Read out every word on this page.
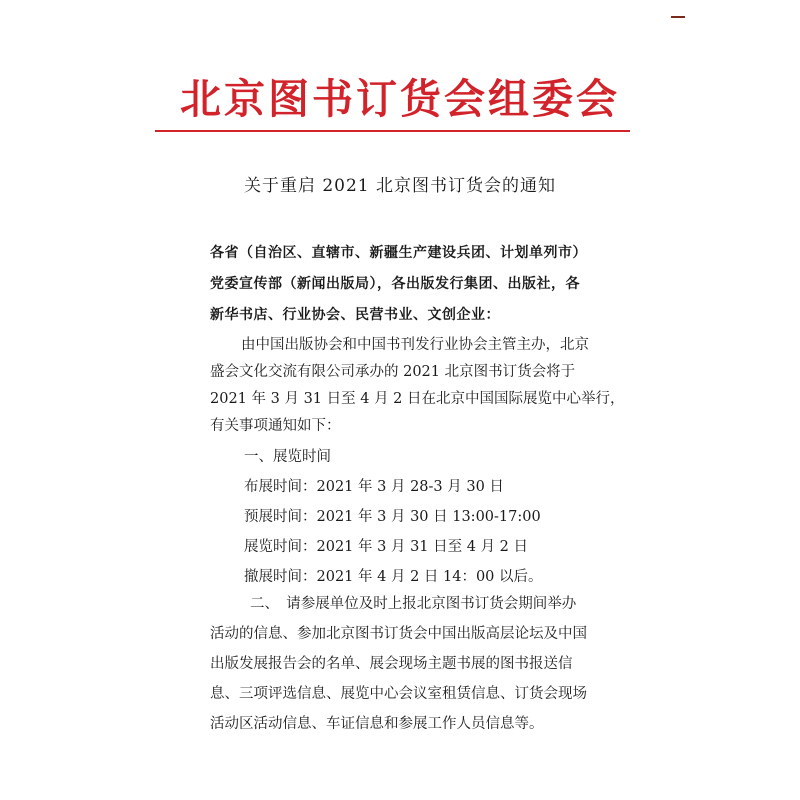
北京图书订货会组委会
关于重启 2021 北京图书订货会的通知
各省（自治区、直辖市、新疆生产建设兵团、计划单列市）
党委宣传部（新闻出版局），各出版发行集团、出版社，各
新华书店、行业协会、民营书业、文创企业：
由中国出版协会和中国书刊发行业协会主管主办，北京
盛会文化交流有限公司承办的 2021 北京图书订货会将于
2021 年 3 月 31 日至 4 月 2 日在北京中国国际展览中心举行，
有关事项通知如下：
一、展览时间
布展时间：2021 年 3 月 28-3 月 30 日
预展时间：2021 年 3 月 30 日 13:00-17:00
展览时间：2021 年 3 月 31 日至 4 月 2 日
撤展时间：2021 年 4 月 2 日 14：00 以后。
二、　请参展单位及时上报北京图书订货会期间举办
活动的信息、参加北京图书订货会中国出版高层论坛及中国
出版发展报告会的名单、展会现场主题书展的图书报送信
息、三项评选信息、展览中心会议室租赁信息、订货会现场
活动区活动信息、车证信息和参展工作人员信息等。
